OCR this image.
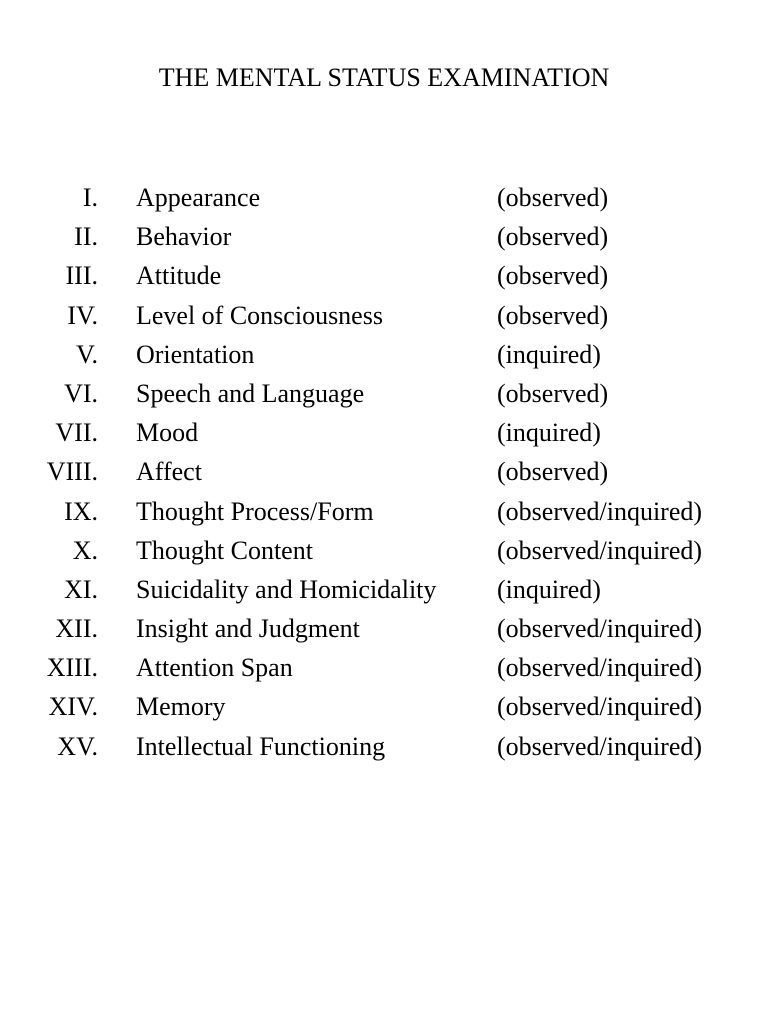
THE MENTAL STATUS EXAMINATION
I. Appearance	(observed)
II. Behavior	(observed)
III. Attitude	(observed)
IV. Level of Consciousness	(observed)
V. Orientation	(inquired)
VI. Speech and Language	(observed)
VII. Mood	(inquired)
VIII. Affect	(observed)
IX. Thought Process/Form	(observed/inquired)
X. Thought Content	(observed/inquired)
XI. Suicidality and Homicidality (inquired)
XII. Insight and Judgment	(observed/inquired)
XIII. Attention Span	(observed/inquired)
XIV. Memory	(observed/inquired)
XV. Intellectual Functioning	(observed/inquired)
